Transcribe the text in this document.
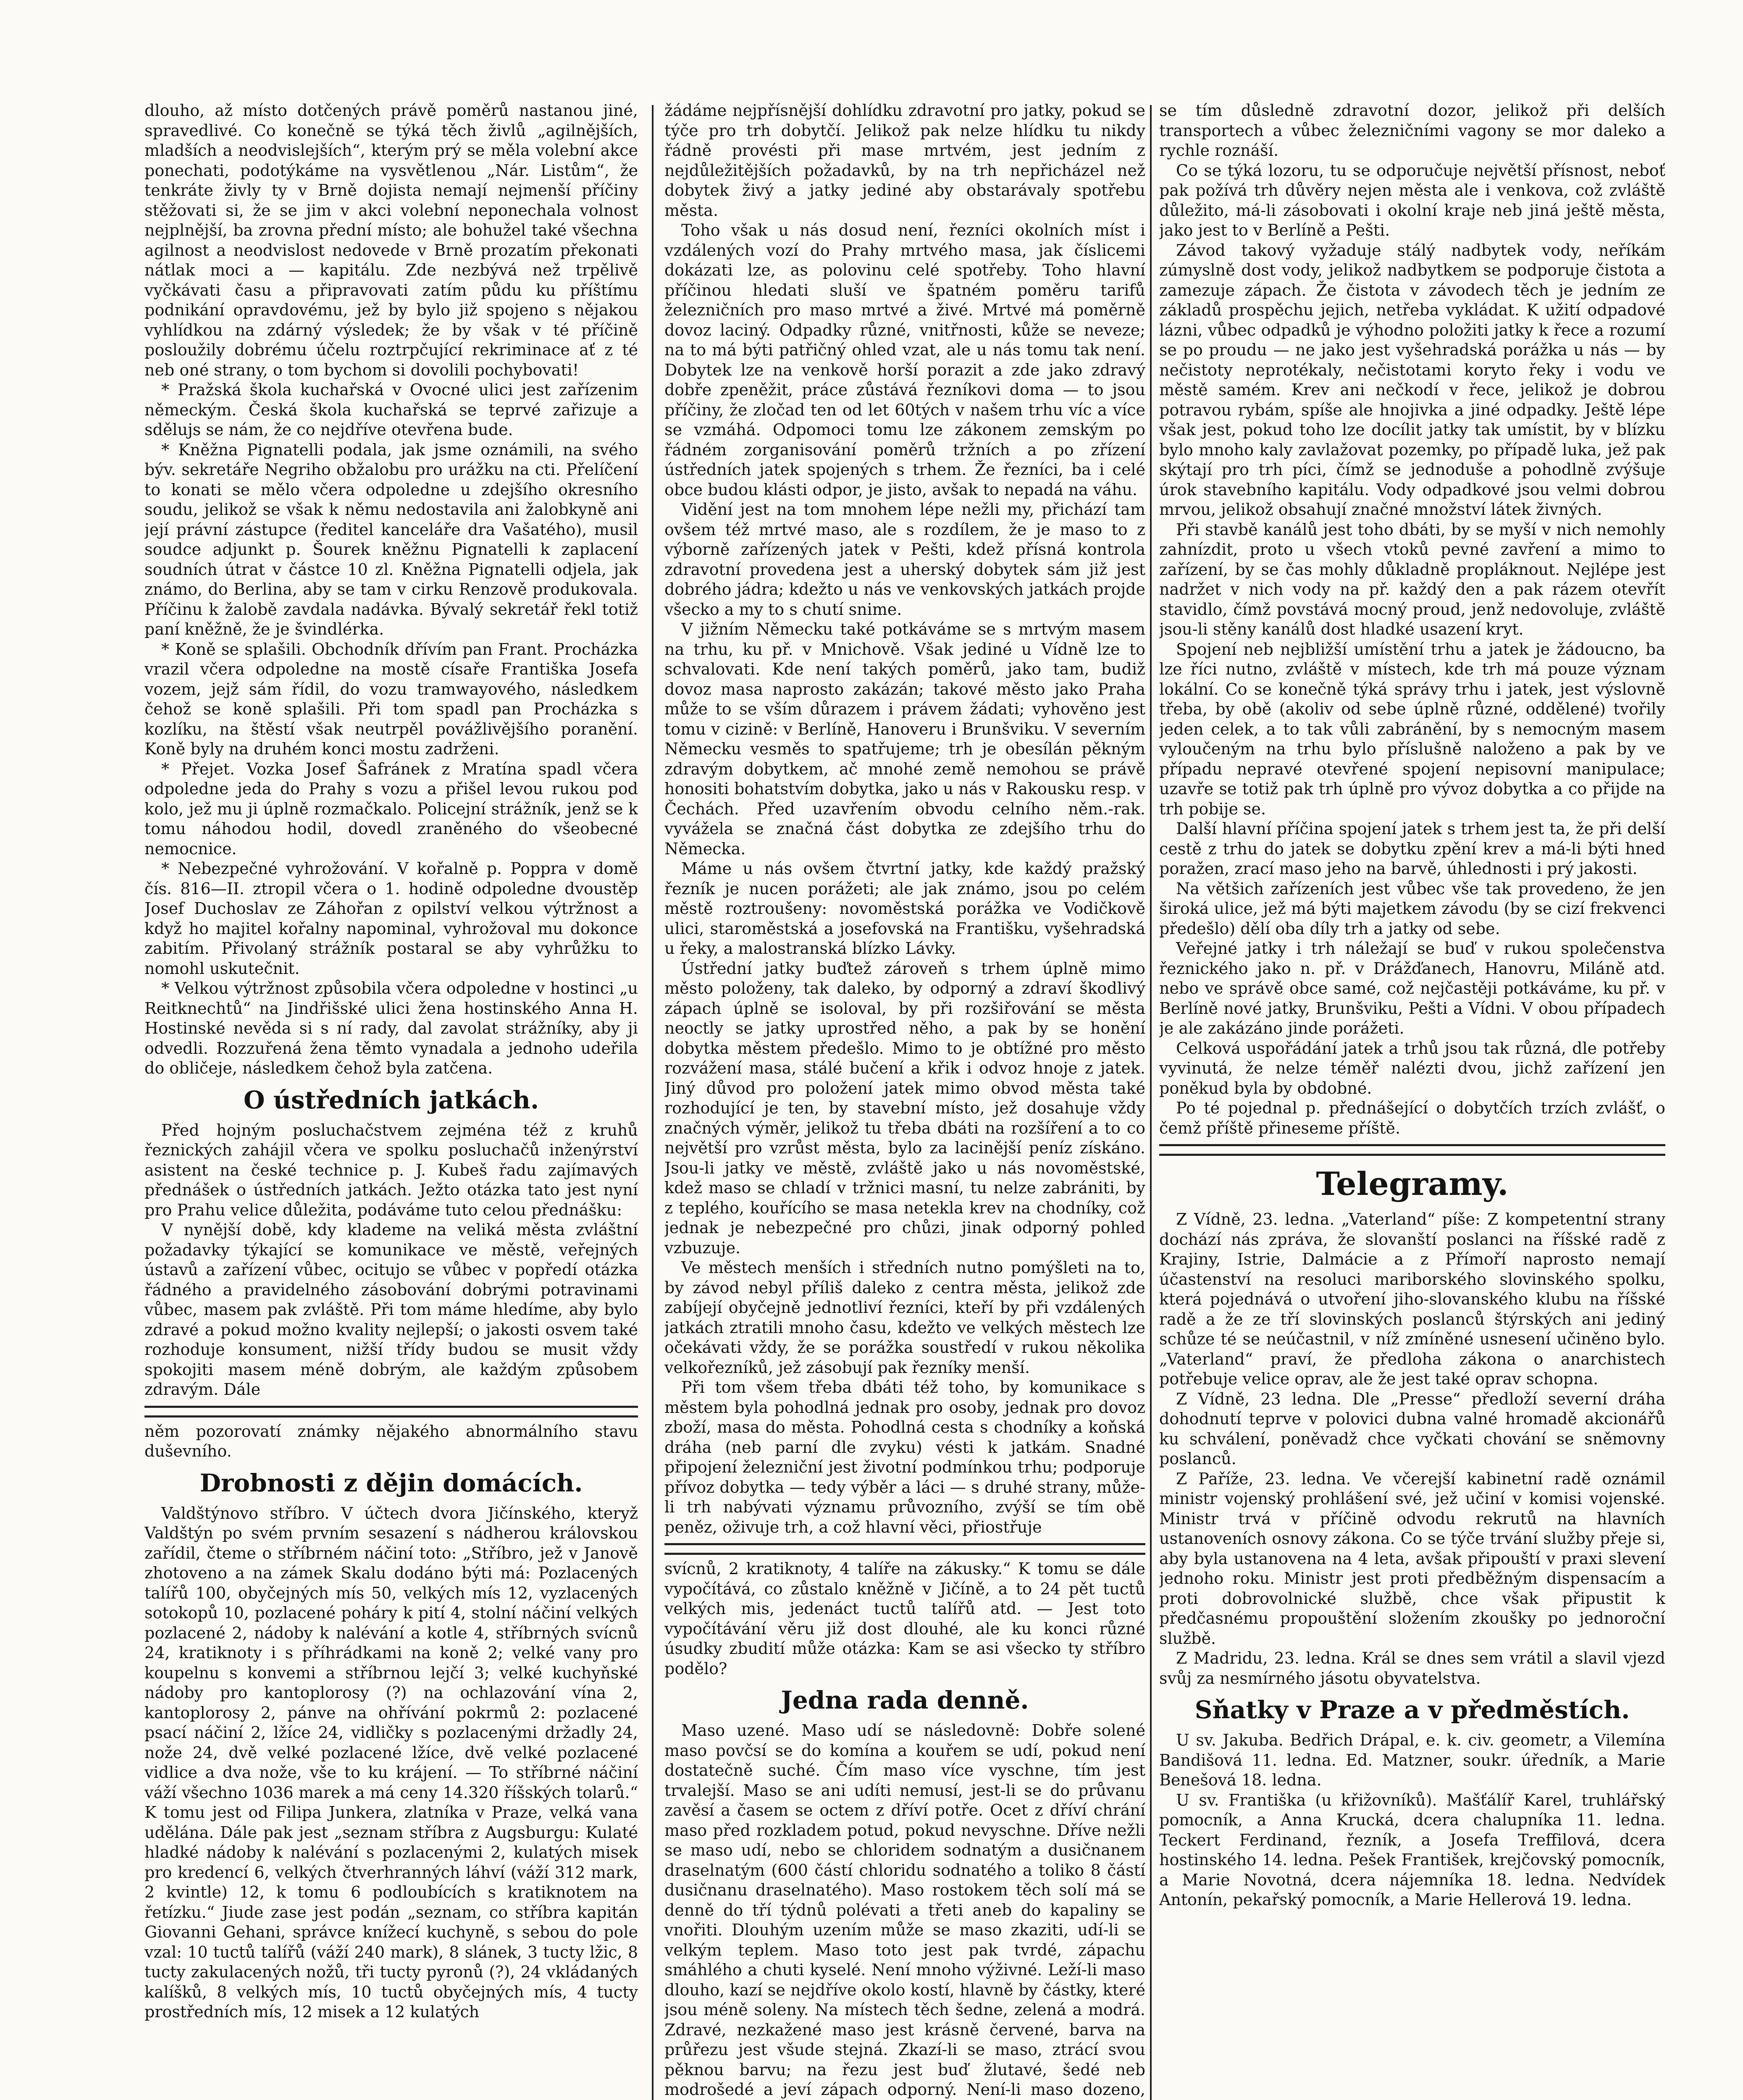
dlouho, až místo dotčených právě poměrů nastanou jiné, spravedlivé. Co konečně se týká těch živlů „agilnějších, mladších a neodvislejších“, kterým prý se měla volební akce ponechati, podotýkáme na vysvětlenou „Nár. Listům“, že tenkráte živly ty v Brně dojista nemají nejmenší příčiny stěžovati si, že se jim v akci volební neponechala volnost nejplnější, ba zrovna přední místo; ale bohužel také všechna agilnost a neodvislost nedovede v Brně prozatím překonati nátlak moci a — kapitálu. Zde nezbývá než trpělivě vyčkávati času a připravovati zatím půdu ku příštímu podnikání opravdovému, jež by bylo již spojeno s nějakou vyhlídkou na zdárný výsledek; že by však v té příčině posloužily dobrému účelu roztrpčující rekriminace ať z té neb oné strany, o tom bychom si dovolili pochybovati!

* Pražská škola kuchařská v Ovocné ulici jest zařízenim německým. Česká škola kuchařská se teprvé zařizuje a sdělujs se nám, že co nejdříve otevřena bude.

* Kněžna Pignatelli podala, jak jsme oznámili, na svého býv. sekretáře Negriho obžalobu pro urážku na cti. Přelíčení to konati se mělo včera odpoledne u zdejšího okresního soudu, jelikož se však k němu nedostavila ani žalobkyně ani její právní zástupce (ředitel kanceláře dra Vašatého), musil soudce adjunkt p. Šourek kněžnu Pignatelli k zaplacení soudních útrat v částce 10 zl. Kněžna Pignatelli odjela, jak známo, do Berlina, aby se tam v cirku Renzově produkovala. Příčinu k žalobě zavdala nadávka. Bývalý sekretář řekl totiž paní kněžně, že je švindlérka.

* Koně se splašili. Obchodník dřívím pan Frant. Procházka vrazil včera odpoledne na mostě císaře Františka Josefa vozem, jejž sám řídil, do vozu tramwayového, následkem čehož se koně splašili. Při tom spadl pan Procházka s kozlíku, na štěstí však neutrpěl povážlivějšího poranění. Koně byly na druhém konci mostu zadrženi.

* Přejet. Vozka Josef Šafránek z Mratína spadl včera odpoledne jeda do Prahy s vozu a přišel levou rukou pod kolo, jež mu ji úplně rozmačkalo. Policejní strážník, jenž se k tomu náhodou hodil, dovedl zraněného do všeobecné nemocnice.

* Nebezpečné vyhrožování. V kořalně p. Poppra v domě čís. 816—II. ztropil včera o 1. hodině odpoledne dvoustěp Josef Duchoslav ze Záhořan z opilství velkou výtržnost a když ho majitel kořalny napominal, vyhrožoval mu dokonce zabitím. Přivolaný strážník postaral se aby vyhrůžku to nomohl uskutečnit.

* Velkou výtržnost způsobila včera odpoledne v hostinci „u Reitknechtů“ na Jindřišské ulici žena hostinského Anna H. Hostinské nevěda si s ní rady, dal zavolat strážníky, aby ji odvedli. Rozzuřená žena těmto vynadala a jednoho udeřila do obličeje, následkem čehož byla zatčena.

O ústředních jatkách.

Před hojným posluchačstvem zejména též z kruhů řeznických zahájil včera ve spolku posluchačů inženýrství asistent na české technice p. J. Kubeš řadu zajímavých přednášek o ústředních jatkách. Ježto otázka tato jest nyní pro Prahu velice důležita, podáváme tuto celou přednášku:

V nynější době, kdy klademe na veliká města zvláštní požadavky týkající se komunikace ve městě, veřejných ústavů a zařízení vůbec, ocitujo se vůbec v popředí otázka řádného a pravidelného zásobování dobrými potravinami vůbec, masem pak zvláště. Při tom máme hledíme, aby bylo zdravé a pokud možno kvality nejlepší; o jakosti osvem také rozhoduje konsument, nižší třídy budou se musit vždy spokojiti masem méně dobrým, ale každým způsobem zdravým. Dále

něm pozorovatí známky nějakého abnormálního stavu duševního.

Drobnosti z dějin domácích.

Valdštýnovo stříbro. V účtech dvora Jičínského, kteryž Valdštýn po svém prvním sesazení s nádherou královskou zařídil, čteme o stříbrném náčiní toto: „Stříbro, jež v Janově zhotoveno a na zámek Skalu dodáno býti má: Pozlacených talířů 100, obyčejných mís 50, velkých mís 12, vyzlacených sotokopů 10, pozlacené poháry k pití 4, stolní náčiní velkých pozlacené 2, nádoby k nalévání a kotle 4, stříbrných svícnů 24, kratiknoty i s příhrádkami na koně 2; velké vany pro koupelnu s konvemi a stříbrnou lejčí 3; velké kuchyňské nádoby pro kantoplorosy (?) na ochlazování vína 2, kantoplorosy 2, pánve na ohřívání pokrmů 2: pozlacené psací náčiní 2, lžíce 24, vidličky s pozlacenými držadly 24, nože 24, dvě velké pozlacené lžíce, dvě velké pozlacené vidlice a dva nože, vše to ku krájení. — To stříbrné náčiní váží všechno 1036 marek a má ceny 14.320 říšských tolarů.“ K tomu jest od Filipa Junkera, zlatníka v Praze, velká vana udělána. Dále pak jest „seznam stříbra z Augsburgu: Kulaté hladké nádoby k nalévání s pozlacenými 2, kulatých misek pro kredencí 6, velkých čtverhranných láhví (váží 312 mark, 2 kvintle) 12, k tomu 6 podloubících s kratiknotem na řetízku.“ Jiude zase jest podán „seznam, co stříbra kapitán Giovanni Gehani, správce knížecí kuchyně, s sebou do pole vzal: 10 tuctů talířů (váží 240 mark), 8 slánek, 3 tucty lžic, 8 tucty zakulacených nožů, tři tucty pyronů (?), 24 vkládaných kalíšků, 8 velkých mís, 10 tuctů obyčejných mís, 4 tucty prostředních mís, 12 misek a 12 kulatých

žádáme nejpřísnější dohlídku zdravotní pro jatky, pokud se týče pro trh dobytčí. Jelikož pak nelze hlídku tu nikdy řádně provésti při mase mrtvém, jest jedním z nejdůležitějších požadavků, by na trh nepřicházel než dobytek živý a jatky jediné aby obstarávaly spotřebu města.

Toho však u nás dosud není, řezníci okolních míst i vzdálených vozí do Prahy mrtvého masa, jak číslicemi dokázati lze, as polovinu celé spotřeby. Toho hlavní příčinou hledati sluší ve špatném poměru tarifů železničních pro maso mrtvé a živé. Mrtvé má poměrně dovoz laciný. Odpadky různé, vnitřnosti, kůže se neveze; na to má býti patřičný ohled vzat, ale u nás tomu tak není. Dobytek lze na venkově horší porazit a zde jako zdravý dobře zpeněžit, práce zůstává řezníkovi doma — to jsou příčiny, že zločad ten od let 60tých v našem trhu víc a více se vzmáhá. Odpomoci tomu lze zákonem zemským po řádném zorganisování poměrů tržních a po zřízení ústředních jatek spojených s trhem. Že řezníci, ba i celé obce budou klásti odpor, je jisto, avšak to nepadá na váhu.

Vidění jest na tom mnohem lépe nežli my, přichází tam ovšem též mrtvé maso, ale s rozdílem, že je maso to z výborně zařízených jatek v Pešti, kdež přísná kontrola zdravotní provedena jest a uherský dobytek sám již jest dobrého jádra; kdežto u nás ve venkovských jatkách projde všecko a my to s chutí snime.

V jižním Německu také potkáváme se s mrtvým masem na trhu, ku př. v Mnichově. Však jediné u Vídně lze to schvalovati. Kde není takých poměrů, jako tam, budiž dovoz masa naprosto zakázán; takové město jako Praha může to se vším důrazem i právem žádati; vyhověno jest tomu v cizině: v Berlíně, Hanoveru i Brunšviku. V severním Německu vesměs to spatřujeme; trh je obesílán pěkným zdravým dobytkem, ač mnohé země nemohou se právě honositi bohatstvím dobytka, jako u nás v Rakousku resp. v Čechách. Před uzavřením obvodu celního něm.-rak. vyvážela se značná část dobytka ze zdejšího trhu do Německa.

Máme u nás ovšem čtvrtní jatky, kde každý pražský řezník je nucen porážeti; ale jak známo, jsou po celém městě roztroušeny: novoměstská porážka ve Vodičkově ulici, staroměstská a josefovská na Františku, vyšehradská u řeky, a malostranská blízko Lávky.

Ústřední jatky buďtež zároveň s trhem úplně mimo město položeny, tak daleko, by odporný a zdraví škodlivý zápach úplně se isoloval, by při rozšiřování se města neoctly se jatky uprostřed něho, a pak by se honění dobytka městem předešlo. Mimo to je obtížné pro město rozvážení masa, stálé bučení a křik i odvoz hnoje z jatek. Jiný důvod pro položení jatek mimo obvod města také rozhodující je ten, by stavební místo, jež dosahuje vždy značných výměr, jelikož tu třeba dbáti na rozšíření a to co největší pro vzrůst města, bylo za lacinější peníz získáno. Jsou-li jatky ve městě, zvláště jako u nás novoměstské, kdež maso se chladí v tržnici masní, tu nelze zabrániti, by z teplého, kouřícího se masa netekla krev na chodníky, což jednak je nebezpečné pro chůzi, jinak odporný pohled vzbuzuje.

Ve městech menších i středních nutno pomýšleti na to, by závod nebyl příliš daleko z centra města, jelikož zde zabíjejí obyčejně jednotliví řezníci, kteří by při vzdálených jatkách ztratili mnoho času, kdežto ve velkých městech lze očekávati vždy, že se porážka soustředí v rukou několika velkořezníků, jež zásobují pak řezníky menší.

Při tom všem třeba dbáti též toho, by komunikace s městem byla pohodlná jednak pro osoby, jednak pro dovoz zboží, masa do města. Pohodlná cesta s chodníky a koňská dráha (neb parní dle zvyku) vésti k jatkám. Snadné připojení železniční jest životní podmínkou trhu; podporuje přívoz dobytka — tedy výběr a láci — s druhé strany, může-li trh nabývati významu průvozního, zvýší se tím obě peněz, oživuje trh, a což hlavní věci, přiostřuje

svícnů, 2 kratiknoty, 4 talíře na zákusky.“ K tomu se dále vypočítává, co zůstalo kněžně v Jičíně, a to 24 pět tuctů velkých mis, jedenáct tuctů talířů atd. — Jest toto vypočítávání věru již dost dlouhé, ale ku konci různé úsudky zbudití může otázka: Kam se asi všecko ty stříbro podělo?

Jedna rada denně.

Maso uzené. Maso udí se následovně: Dobře solené maso povčsí se do komína a kouřem se udí, pokud není dostatečně suché. Čím maso více vyschne, tím jest trvalejší. Maso se ani udíti nemusí, jest-li se do průvanu zavěsí a časem se octem z dříví potře. Ocet z dříví chrání maso před rozkladem potud, pokud nevyschne. Dříve nežli se maso udí, nebo se chloridem sodnatým a dusičnanem draselnatým (600 částí chloridu sodnatého a toliko 8 částí dusičnanu draselnatého). Maso rostokem těch solí má se denně do tří týdnů polévati a třeti aneb do kapaliny se vnořiti. Dlouhým uzením může se maso zkaziti, udí-li se velkým teplem. Maso toto jest pak tvrdé, zápachu smáhlého a chuti kyselé. Není mnoho výživné. Leží-li maso dlouho, kazí se nejdříve okolo kostí, hlavně by částky, které jsou méně soleny. Na místech těch šedne, zelená a modrá. Zdravé, nezkažené maso jest krásně červené, barva na průřezu jest všude stejná. Zkazí-li se maso, ztrácí svou pěknou barvu; na řezu jest buď žlutavé, šedé neb modrošedé a jeví zápach odporný. Není-li maso dozeno,

se tím důsledně zdravotní dozor, jelikož při delších transportech a vůbec železničními vagony se mor daleko a rychle roznáší.

Co se týká lozoru, tu se odporučuje největší přísnost, neboť pak požívá trh důvěry nejen města ale i venkova, což zvláště důležito, má-li zásobovati i okolní kraje neb jiná ještě města, jako jest to v Berlíně a Pešti.

Závod takový vyžaduje stálý nadbytek vody, neříkám zúmyslně dost vody, jelikož nadbytkem se podporuje čistota a zamezuje zápach. Že čistota v závodech těch je jedním ze základů prospěchu jejich, netřeba vykládat. K užití odpadové lázni, vůbec odpadků je výhodno položiti jatky k řece a rozumí se po proudu — ne jako jest vyšehradská porážka u nás — by nečistoty neprotékaly, nečistotami koryto řeky i vodu ve městě samém. Krev ani nečkodí v řece, jelikož je dobrou potravou rybám, spíše ale hnojivka a jiné odpadky. Ještě lépe však jest, pokud toho lze docílit jatky tak umístit, by v blízku bylo mnoho kaly zavlažovat pozemky, po případě luka, jež pak skýtají pro trh píci, čímž se jednoduše a pohodlně zvýšuje úrok stavebního kapitálu. Vody odpadkové jsou velmi dobrou mrvou, jelikož obsahují značné množství látek živných.

Při stavbě kanálů jest toho dbáti, by se myší v nich nemohly zahnízdit, proto u všech vtoků pevné zavření a mimo to zařízení, by se čas mohly důkladně propláknout. Nejlépe jest nadržet v nich vody na př. každý den a pak rázem otevřít stavidlo, čímž povstává mocný proud, jenž nedovoluje, zvláště jsou-li stěny kanálů dost hladké usazení kryt.

Spojení neb nejbližší umístění trhu a jatek je žádoucno, ba lze říci nutno, zvláště v místech, kde trh má pouze význam lokální. Co se konečně týká správy trhu i jatek, jest výslovně třeba, by obě (akoliv od sebe úplně různé, oddělené) tvořily jeden celek, a to tak vůli zabránění, by s nemocným masem vyloučeným na trhu bylo příslušně naloženo a pak by ve případu nepravé otevřené spojení nepisovní manipulace; uzavře se totiž pak trh úplně pro vývoz dobytka a co přijde na trh pobije se.

Další hlavní příčina spojení jatek s trhem jest ta, že při delší cestě z trhu do jatek se dobytku zpění krev a má-li býti hned poražen, zrací maso jeho na barvě, úhlednosti i prý jakosti.

Na většich zařízeních jest vůbec vše tak provedeno, že jen široká ulice, jež má býti majetkem závodu (by se cizí frekvenci předešlo) dělí oba díly trh a jatky od sebe.

Veřejné jatky i trh náležají se buď v rukou společenstva řeznického jako n. př. v Drážďanech, Hanovru, Miláně atd. nebo ve správě obce samé, což nejčastěji potkáváme, ku př. v Berlíně nové jatky, Brunšviku, Pešti a Vídni. V obou případech je ale zakázáno jinde porážeti.

Celková uspořádání jatek a trhů jsou tak různá, dle potřeby vyvinutá, že nelze téměř nalézti dvou, jichž zařízení jen poněkud byla by obdobné.

Po té pojednal p. přednášející o dobytčích trzích zvlášť, o čemž příště přineseme příště.

Telegramy.

Z Vídně, 23. ledna. „Vaterland“ píše: Z kompetentní strany dochází nás zpráva, že slovanští poslanci na říšské radě z Krajiny, Istrie, Dalmácie a z Přímoří naprosto nemají účastenství na resoluci mariborského slovinského spolku, která pojednává o utvoření jiho-slovanského klubu na říšské radě a že ze tří slovinských poslanců štýrských ani jediný schůze té se neúčastnil, v níž zmíněné usnesení učiněno bylo. „Vaterland“ praví, že předloha zákona o anarchistech potřebuje velice oprav, ale že jest také oprav schopna.

Z Vídně, 23 ledna. Dle „Presse“ předloží severní dráha dohodnutí teprve v polovici dubna valné hromadě akcionářů ku schválení, poněvadž chce vyčkati chování se sněmovny poslanců.

Z Paříže, 23. ledna. Ve včerejší kabinetní radě oznámil ministr vojenský prohlášení své, jež učiní v komisi vojenské. Ministr trvá v příčině odvodu rekrutů na hlavních ustanoveních osnovy zákona. Co se týče trvání služby přeje si, aby byla ustanovena na 4 leta, avšak připouští v praxi slevení jednoho roku. Ministr jest proti předběžným dispensacím a proti dobrovolnické službě, chce však připustit k předčasnému propouštění složením zkoušky po jednoroční službě.

Z Madridu, 23. ledna. Král se dnes sem vrátil a slavil vjezd svůj za nesmírného jásotu obyvatelstva.

Sňatky v Praze a v předměstích.

U sv. Jakuba. Bedřich Drápal, e. k. civ. geometr, a Vilemína Bandišová 11. ledna. Ed. Matzner, soukr. úředník, a Marie Benešová 18. ledna.

U sv. Františka (u křižovníků). Mašťálíř Karel, truhlářský pomocník, a Anna Krucká, dcera chalupníka 11. ledna. Teckert Ferdinand, řezník, a Josefa Treffilová, dcera hostinského 14. ledna. Pešek František, krejčovský pomocník, a Marie Novotná, dcera nájemníka 18. ledna. Nedvídek Antonín, pekařský pomocník, a Marie Hellerová 19. ledna.
